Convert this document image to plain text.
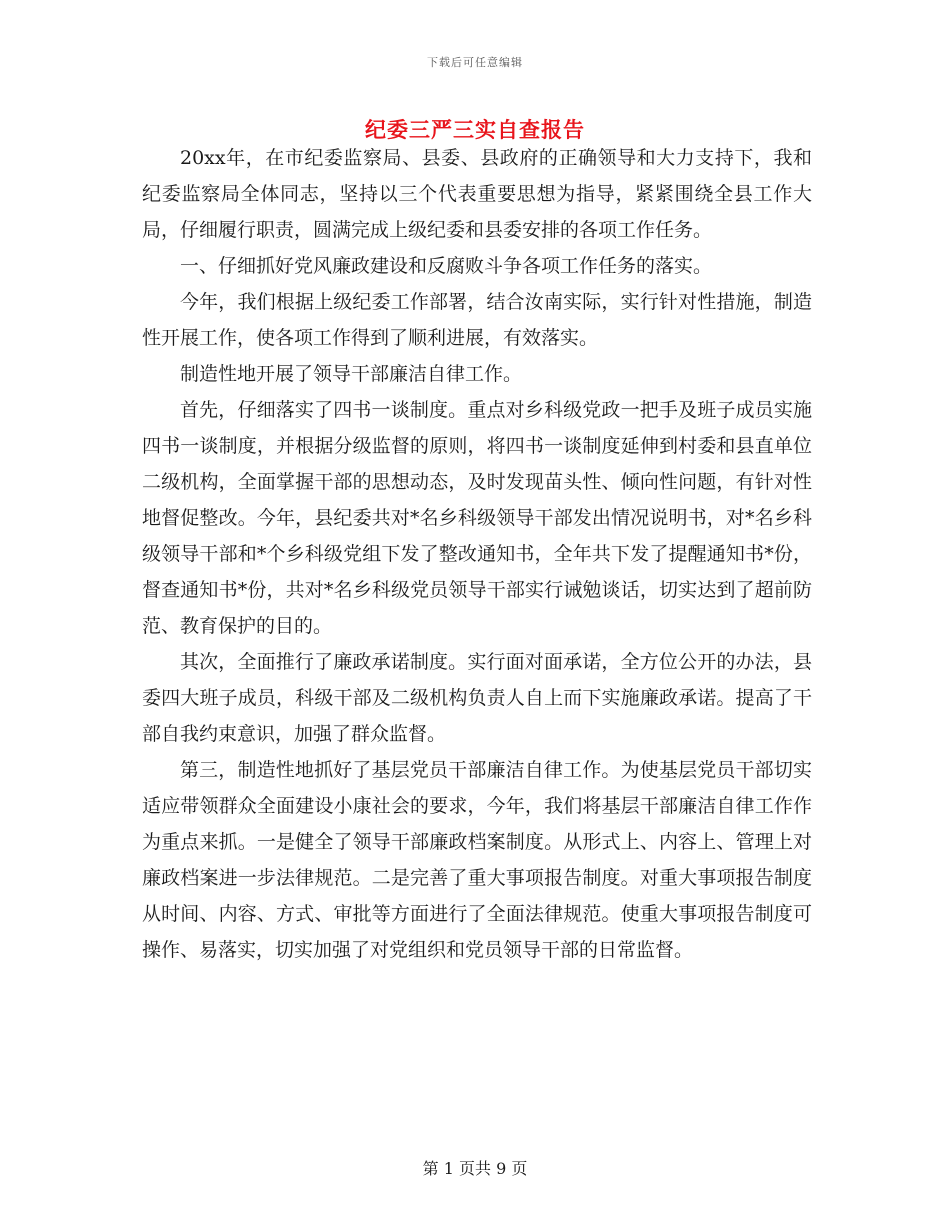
下载后可任意编辑
纪委三严三实自查报告

20xx年，在市纪委监察局、县委、县政府的正确领导和大力支持下，我和纪委监察局全体同志，坚持以三个代表重要思想为指导，紧紧围绕全县工作大局，仔细履行职责，圆满完成上级纪委和县委安排的各项工作任务。

一、仔细抓好党风廉政建设和反腐败斗争各项工作任务的落实。

今年，我们根据上级纪委工作部署，结合汝南实际，实行针对性措施，制造性开展工作，使各项工作得到了顺利进展，有效落实。

制造性地开展了领导干部廉洁自律工作。

首先，仔细落实了四书一谈制度。重点对乡科级党政一把手及班子成员实施四书一谈制度，并根据分级监督的原则，将四书一谈制度延伸到村委和县直单位二级机构，全面掌握干部的思想动态，及时发现苗头性、倾向性问题，有针对性地督促整改。今年，县纪委共对*名乡科级领导干部发出情况说明书，对*名乡科级领导干部和*个乡科级党组下发了整改通知书，全年共下发了提醒通知书*份，督查通知书*份，共对*名乡科级党员领导干部实行诫勉谈话，切实达到了超前防范、教育保护的目的。

其次，全面推行了廉政承诺制度。实行面对面承诺，全方位公开的办法，县委四大班子成员，科级干部及二级机构负责人自上而下实施廉政承诺。提高了干部自我约束意识，加强了群众监督。

第三，制造性地抓好了基层党员干部廉洁自律工作。为使基层党员干部切实适应带领群众全面建设小康社会的要求，今年，我们将基层干部廉洁自律工作作为重点来抓。一是健全了领导干部廉政档案制度。从形式上、内容上、管理上对廉政档案进一步法律规范。二是完善了重大事项报告制度。对重大事项报告制度从时间、内容、方式、审批等方面进行了全面法律规范。使重大事项报告制度可操作、易落实，切实加强了对党组织和党员领导干部的日常监督。

第 1 页共 9 页
